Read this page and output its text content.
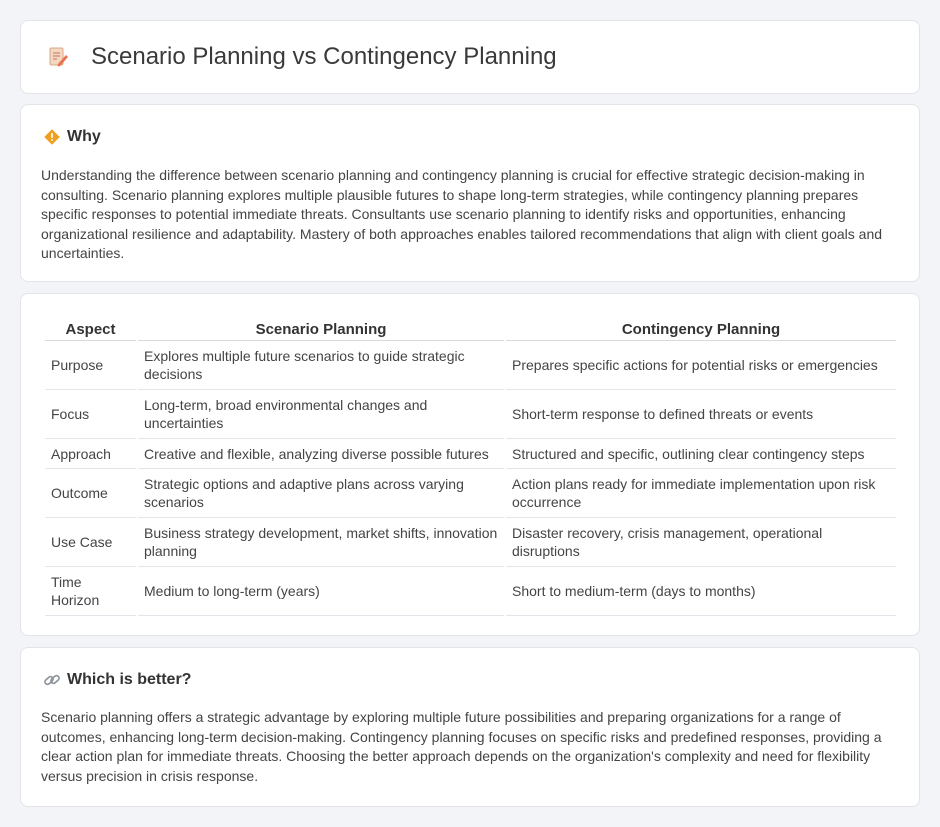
Scenario Planning vs Contingency Planning
Why

Understanding the difference between scenario planning and contingency planning is crucial for effective strategic decision-making in consulting. Scenario planning explores multiple plausible futures to shape long-term strategies, while contingency planning prepares specific responses to potential immediate threats. Consultants use scenario planning to identify risks and opportunities, enhancing organizational resilience and adaptability. Mastery of both approaches enables tailored recommendations that align with client goals and uncertainties.

Aspect	Scenario Planning	Contingency Planning
Purpose	Explores multiple future scenarios to guide strategic decisions	Prepares specific actions for potential risks or emergencies
Focus	Long-term, broad environmental changes and uncertainties	Short-term response to defined threats or events
Approach	Creative and flexible, analyzing diverse possible futures	Structured and specific, outlining clear contingency steps
Outcome	Strategic options and adaptive plans across varying scenarios	Action plans ready for immediate implementation upon risk occurrence
Use Case	Business strategy development, market shifts, innovation planning	Disaster recovery, crisis management, operational disruptions
Time Horizon	Medium to long-term (years)	Short to medium-term (days to months)
Which is better?

Scenario planning offers a strategic advantage by exploring multiple future possibilities and preparing organizations for a range of outcomes, enhancing long-term decision-making. Contingency planning focuses on specific risks and predefined responses, providing a clear action plan for immediate threats. Choosing the better approach depends on the organization's complexity and need for flexibility versus precision in crisis response.
